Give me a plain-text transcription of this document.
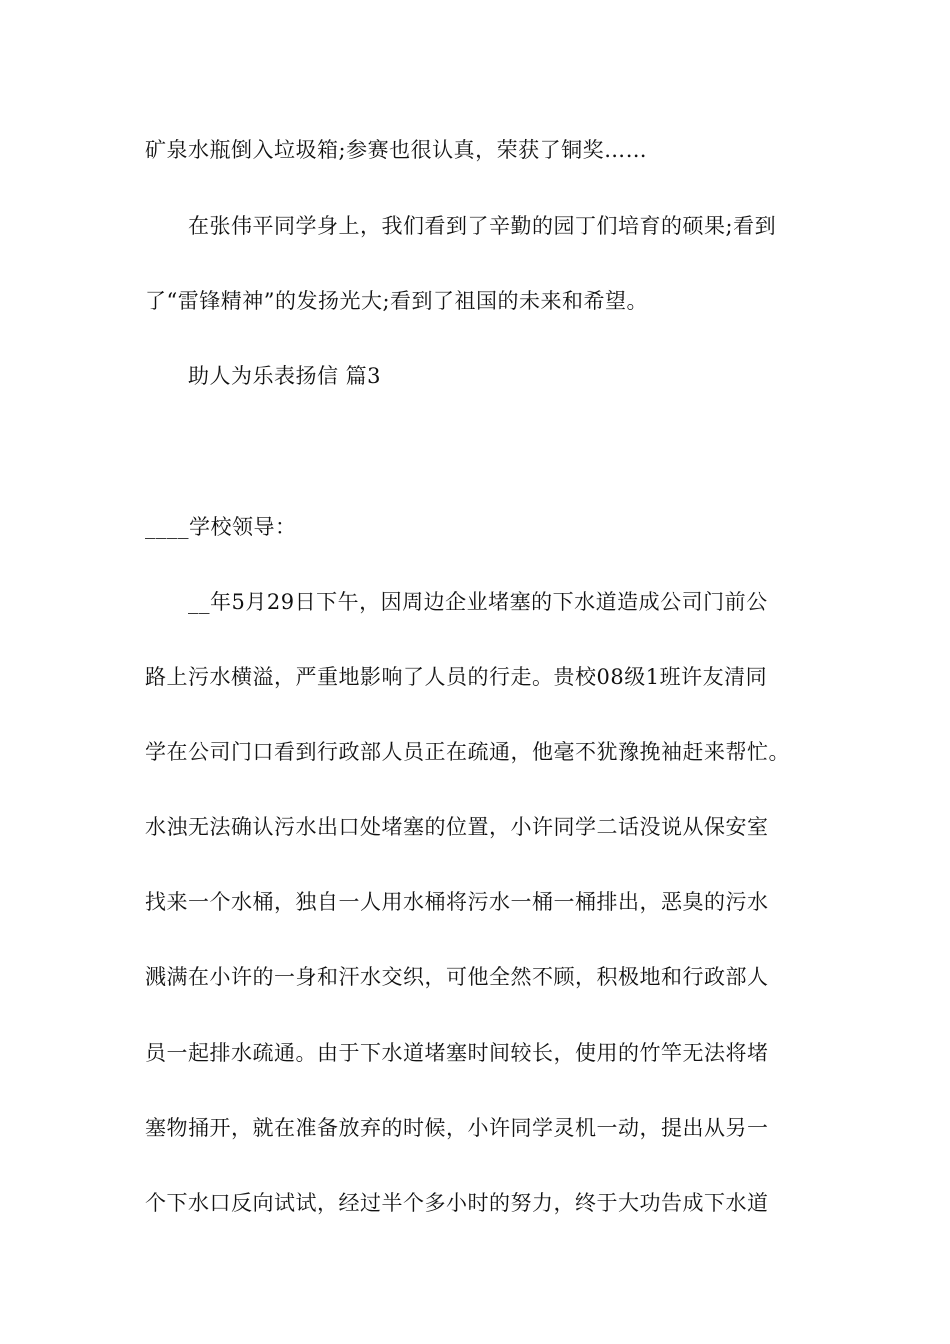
矿泉水瓶倒入垃圾箱;参赛也很认真，荣获了铜奖……
在张伟平同学身上，我们看到了辛勤的园丁们培育的硕果;看到
了“雷锋精神”的发扬光大;看到了祖国的未来和希望。
助人为乐表扬信 篇3
____学校领导：
__年5月29日下午，因周边企业堵塞的下水道造成公司门前公
路上污水横溢，严重地影响了人员的行走。贵校08级1班许友清同
学在公司门口看到行政部人员正在疏通，他毫不犹豫挽袖赶来帮忙。
水浊无法确认污水出口处堵塞的位置，小许同学二话没说从保安室
找来一个水桶，独自一人用水桶将污水一桶一桶排出，恶臭的污水
溅满在小许的一身和汗水交织，可他全然不顾，积极地和行政部人
员一起排水疏通。由于下水道堵塞时间较长，使用的竹竿无法将堵
塞物捅开，就在准备放弃的时候，小许同学灵机一动，提出从另一
个下水口反向试试，经过半个多小时的努力，终于大功告成下水道
